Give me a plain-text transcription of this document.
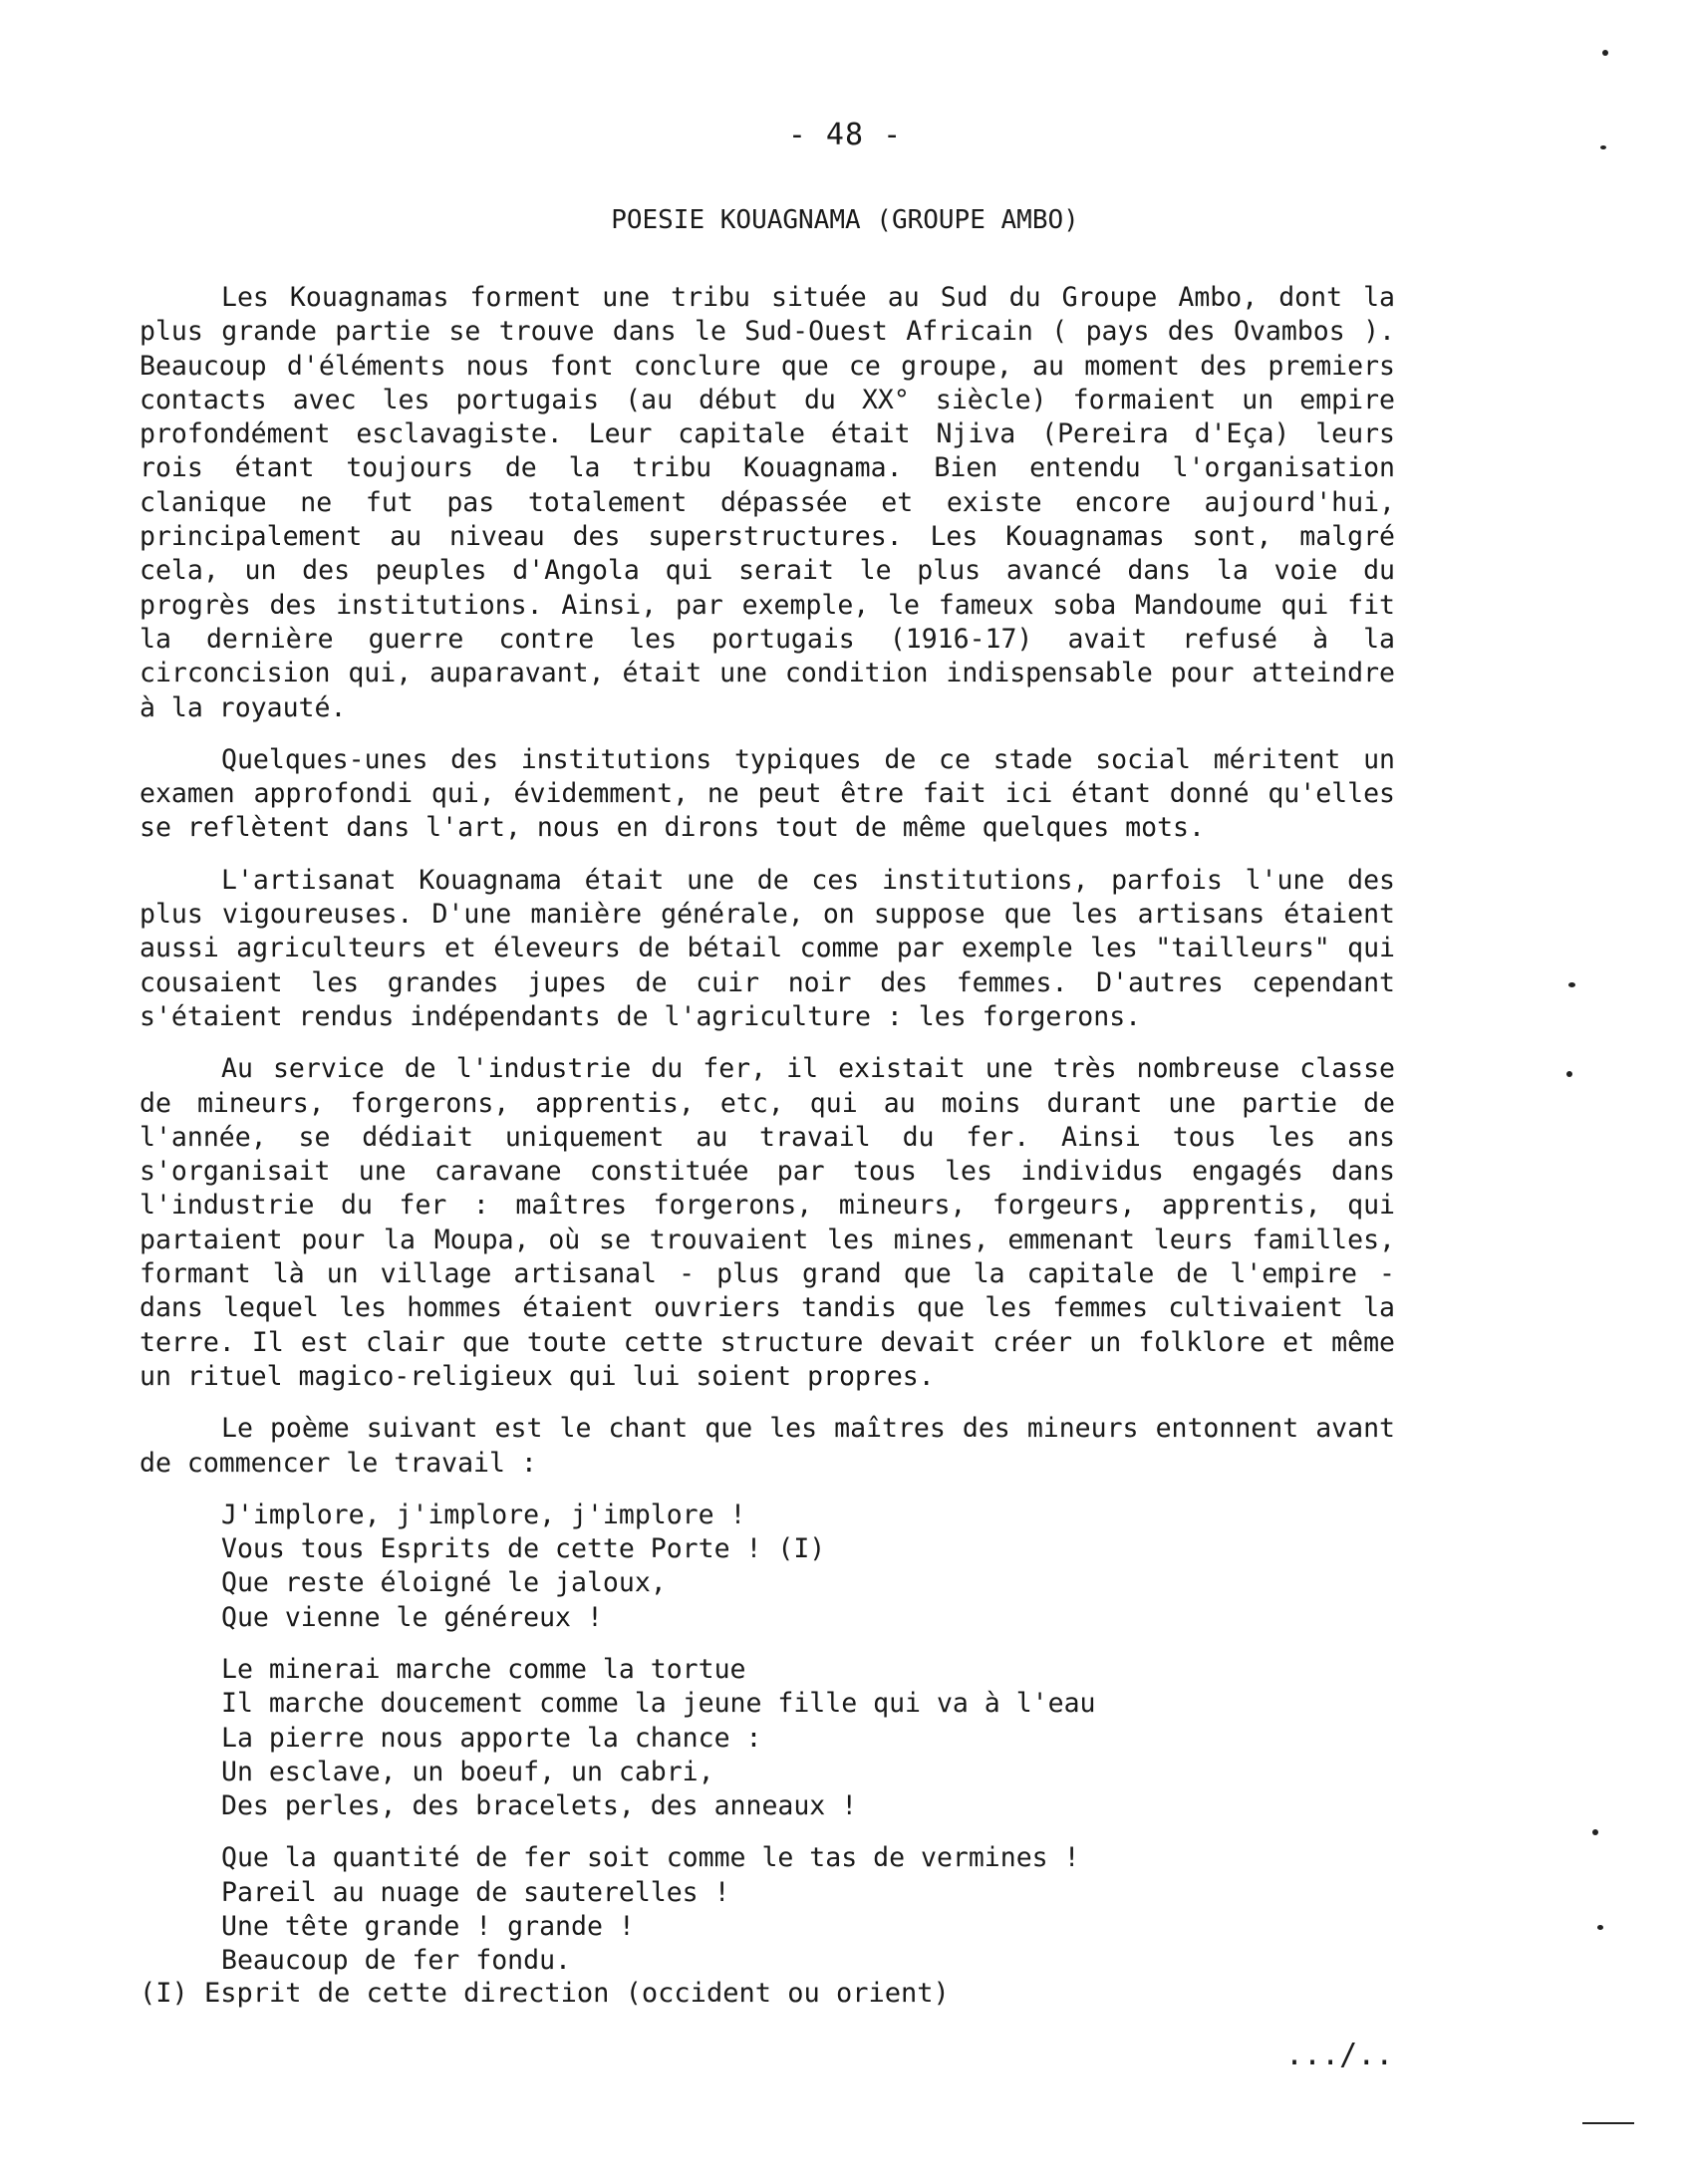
- 48 -
POESIE KOUAGNAMA (GROUPE AMBO)

Les Kouagnamas forment une tribu située au Sud du Groupe Ambo, dont la plus grande partie se trouve dans le Sud-Ouest Africain ( pays des Ovambos ). Beaucoup d'éléments nous font conclure que ce groupe, au moment des premiers contacts avec les portugais (au début du XX° siècle) formaient un empire profondément esclavagiste. Leur capitale était Njiva (Pereira d'Eça) leurs rois étant toujours de la tribu Kouagnama. Bien entendu l'organisation clanique ne fut pas totalement dépassée et existe encore aujourd'hui, principalement au niveau des superstructures. Les Kouagnamas sont, malgré cela, un des peuples d'Angola qui serait le plus avancé dans la voie du progrès des institutions. Ainsi, par exemple, le fameux soba Mandoume qui fit la dernière guerre contre les portugais (1916-17) avait refusé à la circoncision qui, auparavant, était une condition indispensable pour atteindre à la royauté.

Quelques-unes des institutions typiques de ce stade social méritent un examen approfondi qui, évidemment, ne peut être fait ici étant donné qu'elles se reflètent dans l'art, nous en dirons tout de même quelques mots.

L'artisanat Kouagnama était une de ces institutions, parfois l'une des plus vigoureuses. D'une manière générale, on suppose que les artisans étaient aussi agriculteurs et éleveurs de bétail comme par exemple les "tailleurs" qui cousaient les grandes jupes de cuir noir des femmes. D'autres cependant s'étaient rendus indépendants de l'agriculture : les forgerons.

Au service de l'industrie du fer, il existait une très nombreuse classe de mineurs, forgerons, apprentis, etc, qui au moins durant une partie de l'année, se dédiait uniquement au travail du fer. Ainsi tous les ans s'organisait une caravane constituée par tous les individus engagés dans l'industrie du fer : maîtres forgerons, mineurs, forgeurs, apprentis, qui partaient pour la Moupa, où se trouvaient les mines, emmenant leurs familles, formant là un village artisanal - plus grand que la capitale de l'empire - dans lequel les hommes étaient ouvriers tandis que les femmes cultivaient la terre. Il est clair que toute cette structure devait créer un folklore et même un rituel magico-religieux qui lui soient propres.

Le poème suivant est le chant que les maîtres des mineurs entonnent avant de commencer le travail :

J'implore, j'implore, j'implore !
Vous tous Esprits de cette Porte ! (I)
Que reste éloigné le jaloux,
Que vienne le généreux !
Le minerai marche comme la tortue
Il marche doucement comme la jeune fille qui va à l'eau
La pierre nous apporte la chance :
Un esclave, un boeuf, un cabri,
Des perles, des bracelets, des anneaux !
Que la quantité de fer soit comme le tas de vermines !
Pareil au nuage de sauterelles !
Une tête grande ! grande !
Beaucoup de fer fondu.
(I) Esprit de cette direction (occident ou orient)
.../..
